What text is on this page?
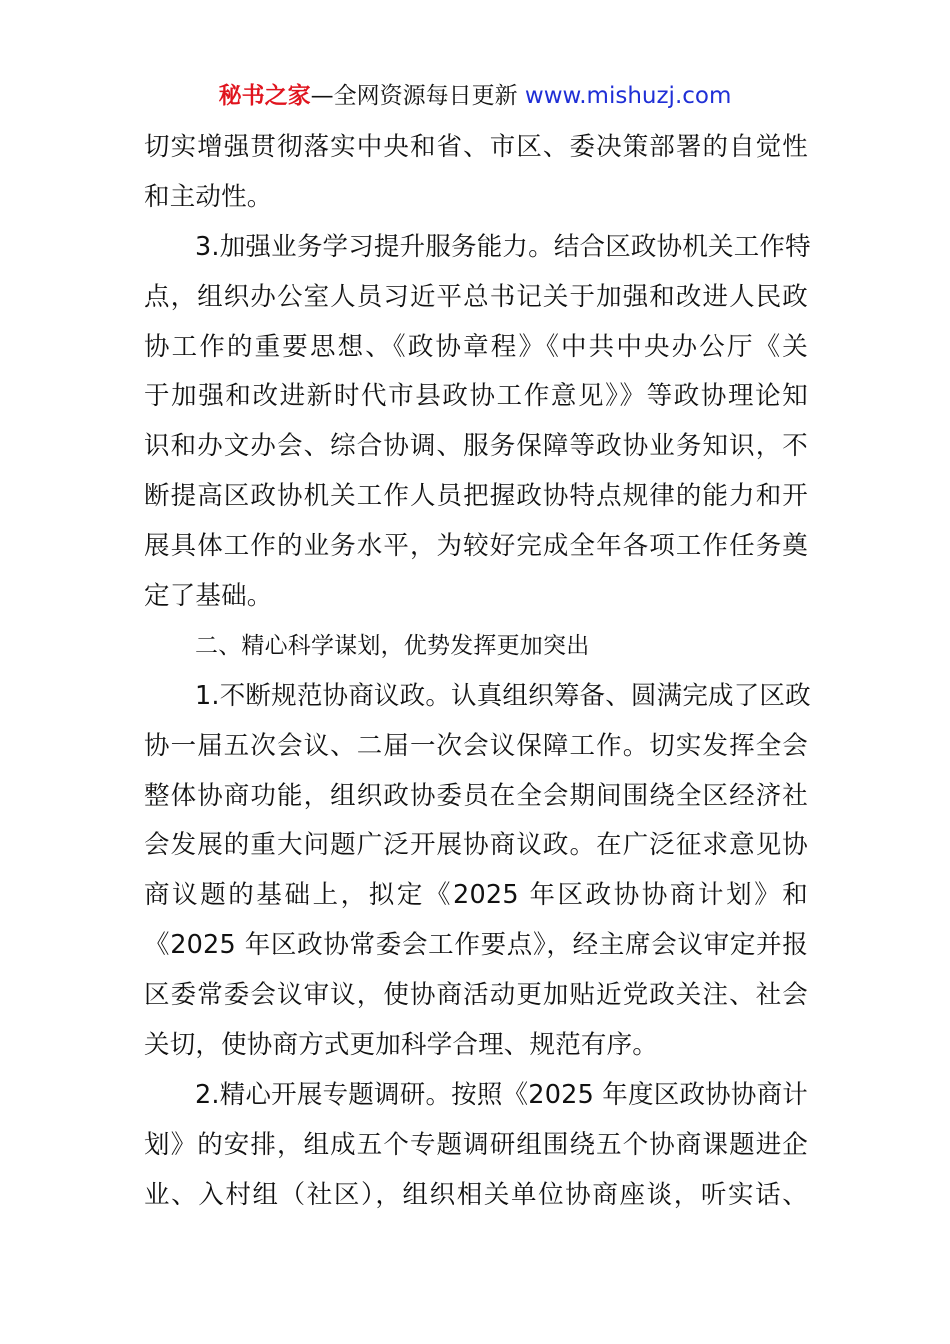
秘书之家—全网资源每日更新 www.mishuzj.com
切实增强贯彻落实中央和省、市区、委决策部署的自觉性
和主动性。
3.加强业务学习提升服务能力。结合区政协机关工作特
点，组织办公室人员习近平总书记关于加强和改进人民政
协工作的重要思想、《政协章程》《中共中央办公厅《关
于加强和改进新时代市县政协工作意见》》等政协理论知
识和办文办会、综合协调、服务保障等政协业务知识，不
断提高区政协机关工作人员把握政协特点规律的能力和开
展具体工作的业务水平，为较好完成全年各项工作任务奠
定了基础。
二、精心科学谋划，优势发挥更加突出
1.不断规范协商议政。认真组织筹备、圆满完成了区政
协一届五次会议、二届一次会议保障工作。切实发挥全会
整体协商功能，组织政协委员在全会期间围绕全区经济社
会发展的重大问题广泛开展协商议政。在广泛征求意见协
商议题的基础上，拟定《2025 年区政协协商计划》和
《2025 年区政协常委会工作要点》，经主席会议审定并报
区委常委会议审议，使协商活动更加贴近党政关注、社会
关切，使协商方式更加科学合理、规范有序。
2.精心开展专题调研。按照《2025 年度区政协协商计
划》的安排，组成五个专题调研组围绕五个协商课题进企
业、入村组（社区），组织相关单位协商座谈，听实话、
